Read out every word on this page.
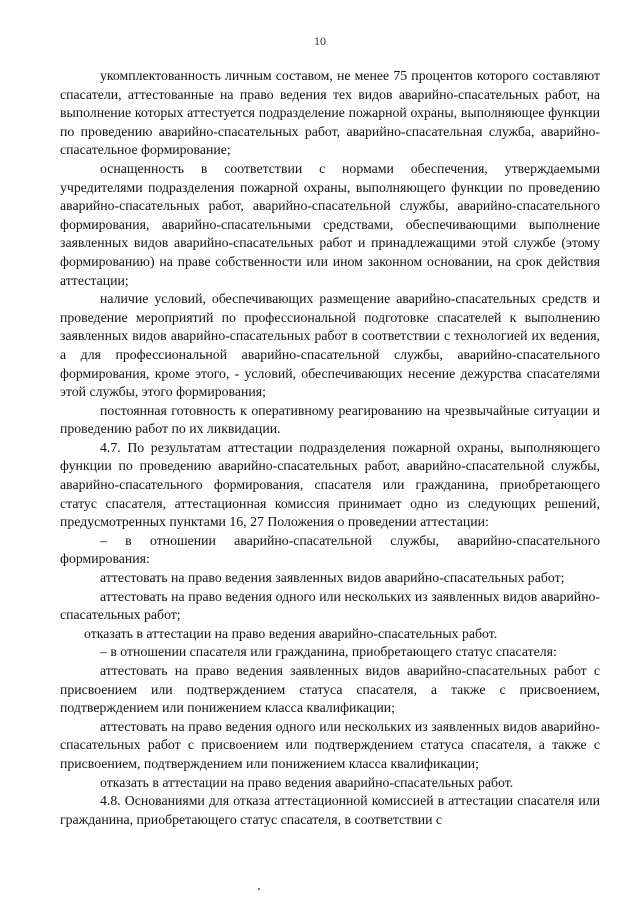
10

укомплектованность личным составом, не менее 75 процентов которого составляют спасатели, аттестованные на право ведения тех видов аварийно-спасательных работ, на выполнение которых аттестуется подразделение пожарной охраны, выполняющее функции по проведению аварийно-спасательных работ, аварийно-спасательная служба, аварийно-спасательное формирование;

оснащенность в соответствии с нормами обеспечения, утверждаемыми учредителями подразделения пожарной охраны, выполняющего функции по проведению аварийно-спасательных работ, аварийно-спасательной службы, аварийно-спасательного формирования, аварийно-спасательными средствами, обеспечивающими выполнение заявленных видов аварийно-спасательных работ и принадлежащими этой службе (этому формированию) на праве собственности или ином законном основании, на срок действия аттестации;

наличие условий, обеспечивающих размещение аварийно-спасательных средств и проведение мероприятий по профессиональной подготовке спасателей к выполнению заявленных видов аварийно-спасательных работ в соответствии с технологией их ведения, а для профессиональной аварийно-спасательной службы, аварийно-спасательного формирования, кроме этого, - условий, обеспечивающих несение дежурства спасателями этой службы, этого формирования;

постоянная готовность к оперативному реагированию на чрезвычайные ситуации и проведению работ по их ликвидации.

4.7. По результатам аттестации подразделения пожарной охраны, выполняющего функции по проведению аварийно-спасательных работ, аварийно-спасательной службы, аварийно-спасательного формирования, спасателя или гражданина, приобретающего статус спасателя, аттестационная комиссия принимает одно из следующих решений, предусмотренных пунктами 16, 27 Положения о проведении аттестации:

– в отношении аварийно-спасательной службы, аварийно-спасательного формирования:

аттестовать на право ведения заявленных видов аварийно-спасательных работ;

аттестовать на право ведения одного или нескольких из заявленных видов аварийно-спасательных работ;

отказать в аттестации на право ведения аварийно-спасательных работ.

– в отношении спасателя или гражданина, приобретающего статус спасателя:

аттестовать на право ведения заявленных видов аварийно-спасательных работ с присвоением или подтверждением статуса спасателя, а также с присвоением, подтверждением или понижением класса квалификации;

аттестовать на право ведения одного или нескольких из заявленных видов аварийно-спасательных работ с присвоением или подтверждением статуса спасателя, а также с присвоением, подтверждением или понижением класса квалификации;

отказать в аттестации на право ведения аварийно-спасательных работ.

4.8. Основаниями для отказа аттестационной комиссией в аттестации спасателя или гражданина, приобретающего статус спасателя, в соответствии с
